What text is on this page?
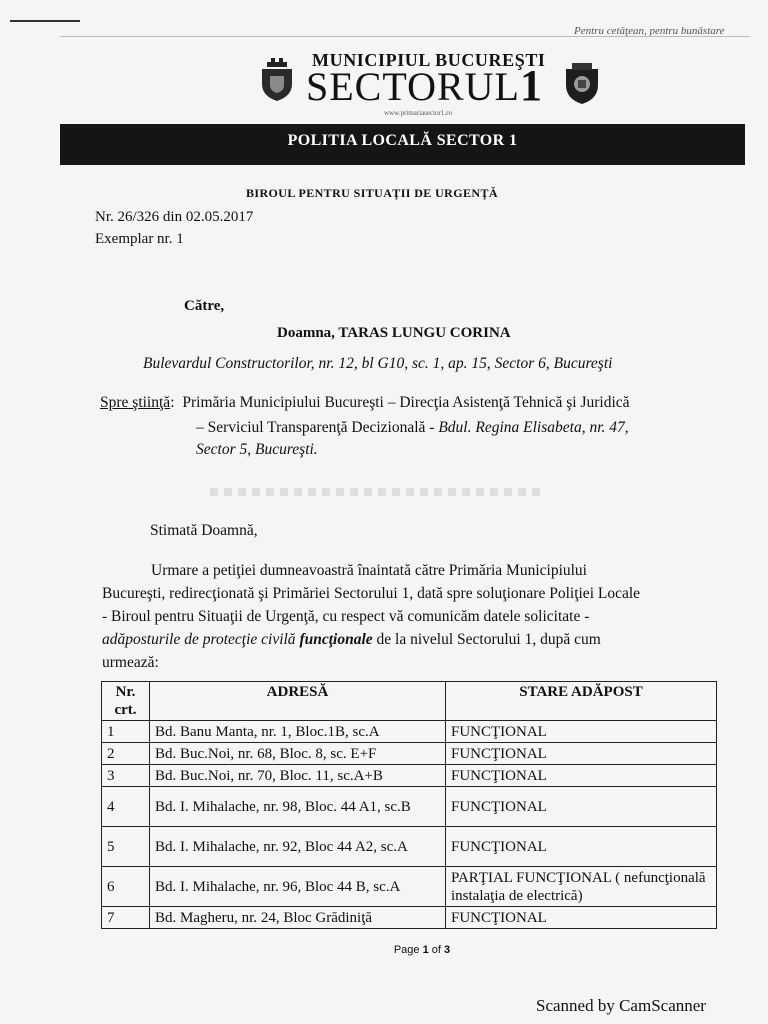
Pentru cetăţean, pentru bunăstare
MUNICIPIUL BUCUREŞTI
SECTORUL1
www.primariasector1.ro
POLITIA LOCALĂ SECTOR 1
BIROUL PENTRU SITUAŢII DE URGENŢĂ
Nr. 26/326 din 02.05.2017
Exemplar nr. 1
Către,
Doamna, TARAS LUNGU CORINA
Bulevardul Constructorilor, nr. 12, bl G10, sc. 1, ap. 15, Sector 6, Bucureşti
Spre ştiinţă: Primăria Municipiului Bucureşti – Direcţia Asistenţă Tehnică şi Juridică
– Serviciul Transparenţă Decizională - Bdul. Regina Elisabeta, nr. 47,
Sector 5, Bucureşti.
Stimată Doamnă,
Urmare a petiţiei dumneavoastră înaintată către Primăria Municipiului
Bucureşti, redirecţionată şi Primăriei Sectorului 1, dată spre soluţionare Poliţiei Locale
- Biroul pentru Situaţii de Urgenţă, cu respect vă comunicăm datele solicitate -
adăposturile de protecţie civilă funcţionale de la nivelul Sectorului 1, după cum
urmează:
Nr. crt.	ADRESĂ	STARE ADĂPOST
1	Bd. Banu Manta, nr. 1, Bloc.1B, sc.A	FUNCŢIONAL
2	Bd. Buc.Noi, nr. 68, Bloc. 8, sc. E+F	FUNCŢIONAL
3	Bd. Buc.Noi, nr. 70, Bloc. 11, sc.A+B	FUNCŢIONAL
4	Bd. I. Mihalache, nr. 98, Bloc. 44 A1, sc.B	FUNCŢIONAL
5	Bd. I. Mihalache, nr. 92, Bloc 44 A2, sc.A	FUNCŢIONAL
6	Bd. I. Mihalache, nr. 96, Bloc 44 B, sc.A	PARŢIAL FUNCŢIONAL ( nefuncţională instalaţia de electrică)
7	Bd. Magheru, nr. 24, Bloc Grădiniţă	FUNCŢIONAL
Page 1 of 3
Scanned by CamScanner
